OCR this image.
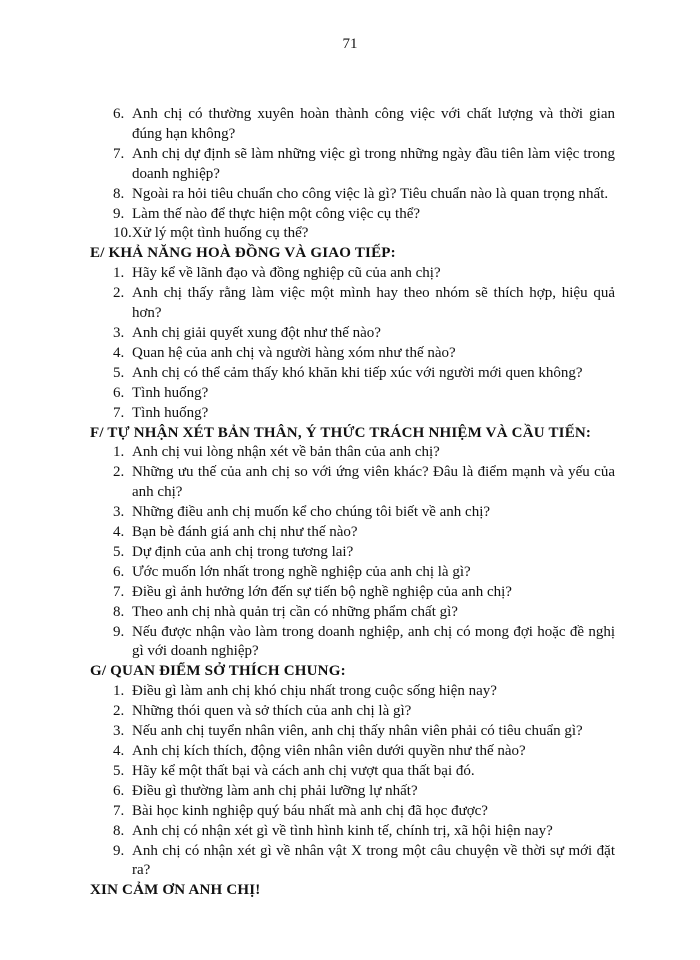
71
6. Anh chị có thường xuyên hoàn thành công việc với chất lượng và thời gian đúng hạn không?
7. Anh chị dự định sẽ làm những việc gì trong những ngày đầu tiên làm việc trong doanh nghiệp?
8. Ngoài ra hỏi tiêu chuẩn cho công việc là gì? Tiêu chuẩn nào là quan trọng nhất.
9. Làm thế nào để thực hiện một công việc cụ thể?
10. Xử lý một tình huống cụ thể?
E/ KHẢ NĂNG HOÀ ĐỒNG VÀ GIAO TIẾP:
1. Hãy kể về lãnh đạo và đồng nghiệp cũ của anh chị?
2. Anh chị thấy rằng làm việc một mình hay theo nhóm sẽ thích hợp, hiệu quả hơn?
3. Anh chị giải quyết xung đột như thế nào?
4. Quan hệ của anh chị và người hàng xóm như thế nào?
5. Anh chị có thể cảm thấy khó khăn khi tiếp xúc với người mới quen không?
6. Tình huống?
7. Tình huống?
F/ TỰ NHẬN XÉT BẢN THÂN, Ý THỨC TRÁCH NHIỆM VÀ CẦU TIẾN:
1. Anh chị vui lòng nhận xét về bản thân của anh chị?
2. Những ưu thế của anh chị so với ứng viên khác? Đâu là điểm mạnh và yếu của anh chị?
3. Những điều anh chị muốn kể cho chúng tôi biết về anh chị?
4. Bạn bè đánh giá anh chị như thế nào?
5. Dự định của anh chị trong tương lai?
6. Ước muốn lớn nhất trong nghề nghiệp của anh chị là gì?
7. Điều gì ảnh hưởng lớn đến sự tiến bộ nghề nghiệp của anh chị?
8. Theo anh chị nhà quản trị cần có những phẩm chất gì?
9. Nếu được nhận vào làm trong doanh nghiệp, anh chị có mong đợi hoặc đề nghị gì với doanh nghiệp?
G/ QUAN ĐIỂM SỞ THÍCH CHUNG:
1. Điều gì làm anh chị khó chịu nhất trong cuộc sống hiện nay?
2. Những thói quen và sở thích của anh chị là gì?
3. Nếu anh chị tuyển nhân viên, anh chị thấy nhân viên phải có tiêu chuẩn gì?
4. Anh chị kích thích, động viên nhân viên dưới quyền như thế nào?
5. Hãy kể một thất bại và cách anh chị vượt qua thất bại đó.
6. Điều gì thường làm anh chị phải lưỡng lự nhất?
7. Bài học kinh nghiệp quý báu nhất mà anh chị đã học được?
8. Anh chị có nhận xét gì về tình hình kinh tế, chính trị, xã hội hiện nay?
9. Anh chị có nhận xét gì về nhân vật X trong một câu chuyện về thời sự mới đặt ra?
XIN CẢM ƠN ANH CHỊ!
